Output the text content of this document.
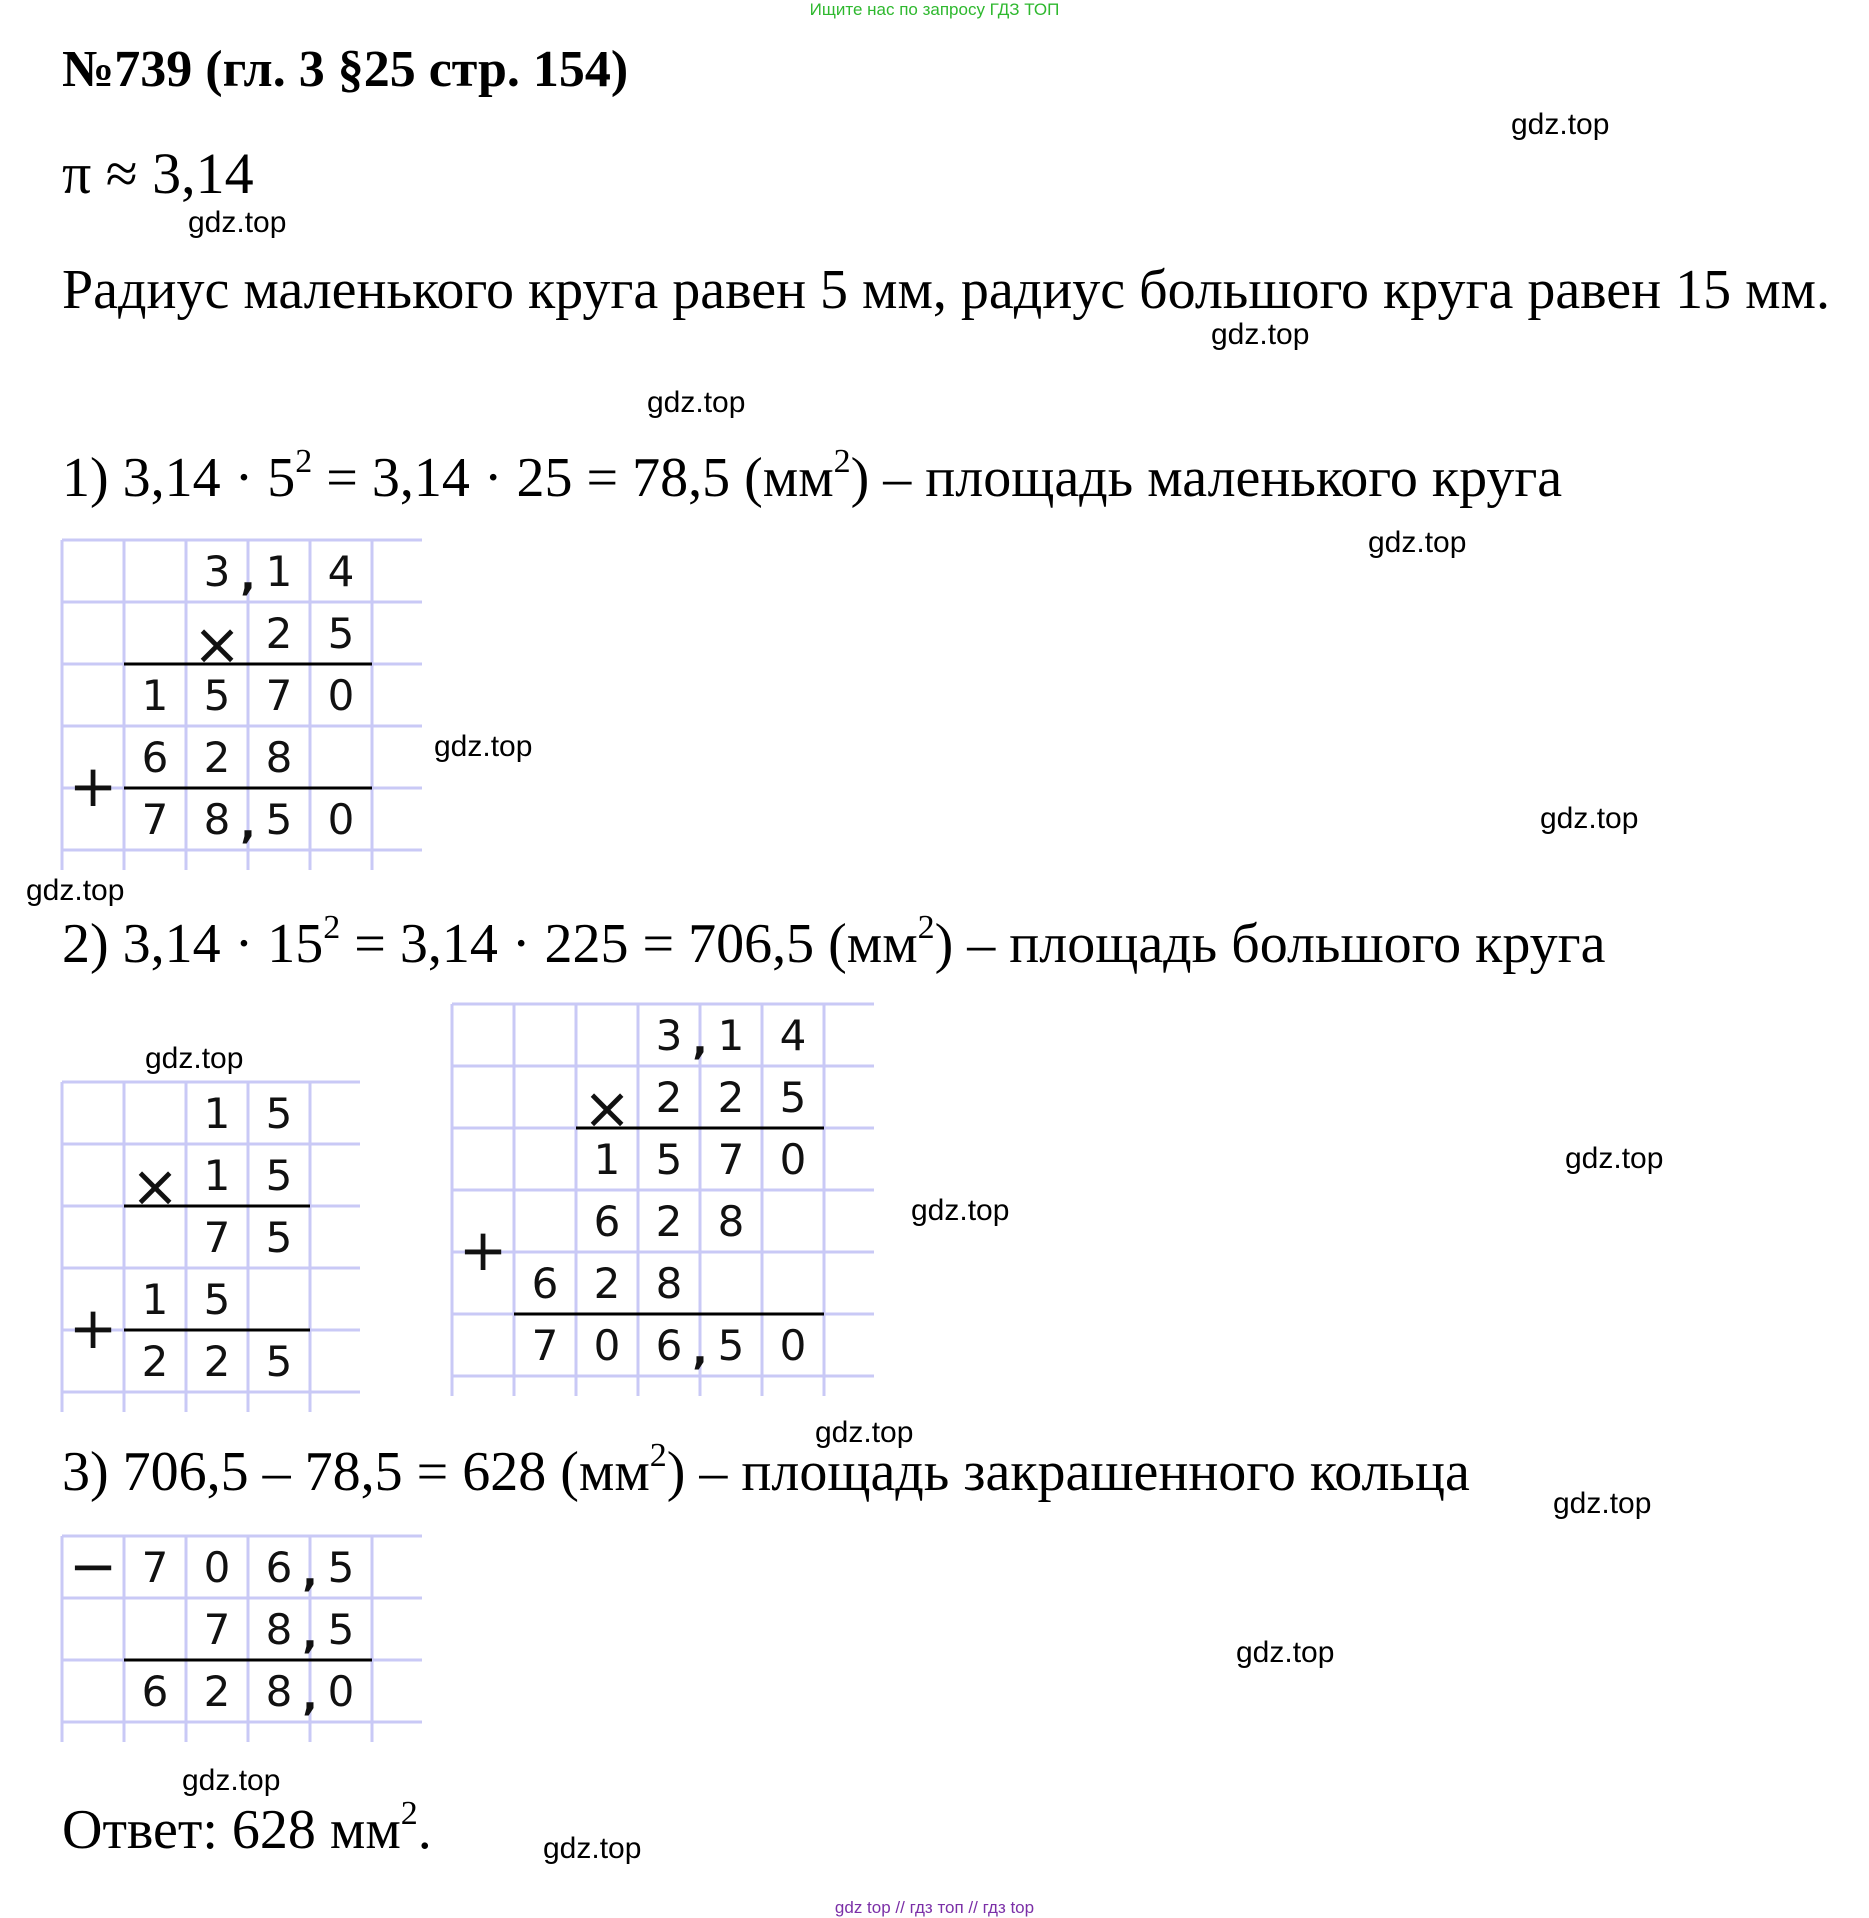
Ищите нас по запросу ГДЗ ТОП
№739 (гл. 3 §25 стр. 154)
π ≈ 3,14
Радиус маленького круга равен 5 мм, радиус большого круга равен 15 мм.
1) $3,14 \cdot 5^2 = 3,14 \cdot 25 = 78,5$ $(мм^2)$ – площадь маленького круга
2) $3,14 \cdot 15^2 = 3,14 \cdot 225 = 706,5$ $(мм^2)$ – площадь большого круга
3) 706,5 – 78,5 = 628 $(мм^2)$ – площадь закрашенного кольца
Ответ: 628 $мм^2$.
3 1 4
2 5
×
1 5 7 0
6 2 8
+ 7 8 5 0
,
,
1 5
1 5
×
7 5
1 5
+ 2 2 5
3 1 4
2 2 5
×
1 5 7 0
6 2 8
+ 6 2 8
7 0 6 5 0
,
,
7 0 6 5
−
7 8 5
6 2 8 0
,
,
,
gdz.top
gdz.top
gdz.top
gdz.top
gdz.top
gdz.top
gdz.top
gdz.top
gdz.top
gdz.top
gdz.top
gdz.top
gdz.top
gdz.top
gdz.top
gdz.top
gdz top // гдз топ // гдз top
